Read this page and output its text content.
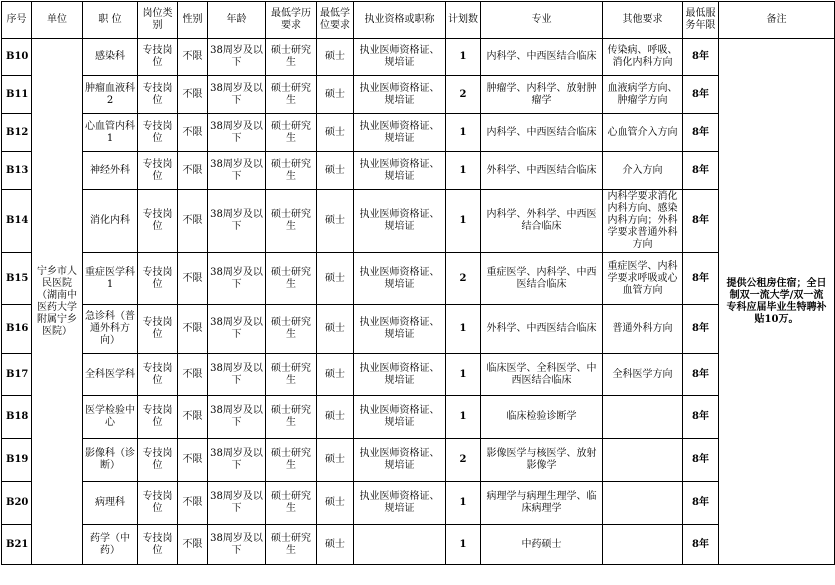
序号	单位	职 位	岗位类别	性别	年龄	最低学历要求	最低学位要求	执业资格或职称	计划数	专业	其他要求	最低服务年限	备注
B10	宁乡市人民医院（湖南中医药大学附属宁乡医院）	感染科	专技岗位	不限	38周岁及以下	硕士研究生	硕士	执业医师资格证、规培证	1	内科学、中西医结合临床	传染病、呼吸、消化内科方向	8年	提供公租房住宿；全日制双一流大学/双一流专科应届毕业生特聘补贴10万。
B11		肿瘤血液科2	专技岗位	不限	38周岁及以下	硕士研究生	硕士	执业医师资格证、规培证	2	肿瘤学、内科学、放射肿瘤学	血液病学方向、肿瘤学方向	8年	
B12		心血管内科1	专技岗位	不限	38周岁及以下	硕士研究生	硕士	执业医师资格证、规培证	1	内科学、中西医结合临床	心血管介入方向	8年	
B13		神经外科	专技岗位	不限	38周岁及以下	硕士研究生	硕士	执业医师资格证、规培证	1	外科学、中西医结合临床	介入方向	8年	
B14		消化内科	专技岗位	不限	38周岁及以下	硕士研究生	硕士	执业医师资格证、规培证	1	内科学、外科学、中西医结合临床	内科学要求消化内科方向、感染内科方向；外科学要求普通外科方向	8年	
B15		重症医学科1	专技岗位	不限	38周岁及以下	硕士研究生	硕士	执业医师资格证、规培证	2	重症医学、内科学、中西医结合临床	重症医学、内科学要求呼吸或心血管方向	8年	
B16		急诊科（普通外科方向）	专技岗位	不限	38周岁及以下	硕士研究生	硕士	执业医师资格证、规培证	1	外科学、中西医结合临床	普通外科方向	8年	
B17		全科医学科	专技岗位	不限	38周岁及以下	硕士研究生	硕士	执业医师资格证、规培证	1	临床医学、全科医学、中西医结合临床	全科医学方向	8年	
B18		医学检验中心	专技岗位	不限	38周岁及以下	硕士研究生	硕士	执业医师资格证、规培证	1	临床检验诊断学		8年	
B19		影像科（诊断）	专技岗位	不限	38周岁及以下	硕士研究生	硕士	执业医师资格证、规培证	2	影像医学与核医学、放射影像学		8年	
B20		病理科	专技岗位	不限	38周岁及以下	硕士研究生	硕士	执业医师资格证、规培证	1	病理学与病理生理学、临床病理学		8年	
B21		药学（中药）	专技岗位	不限	38周岁及以下	硕士研究生	硕士		1	中药硕士		8年	
